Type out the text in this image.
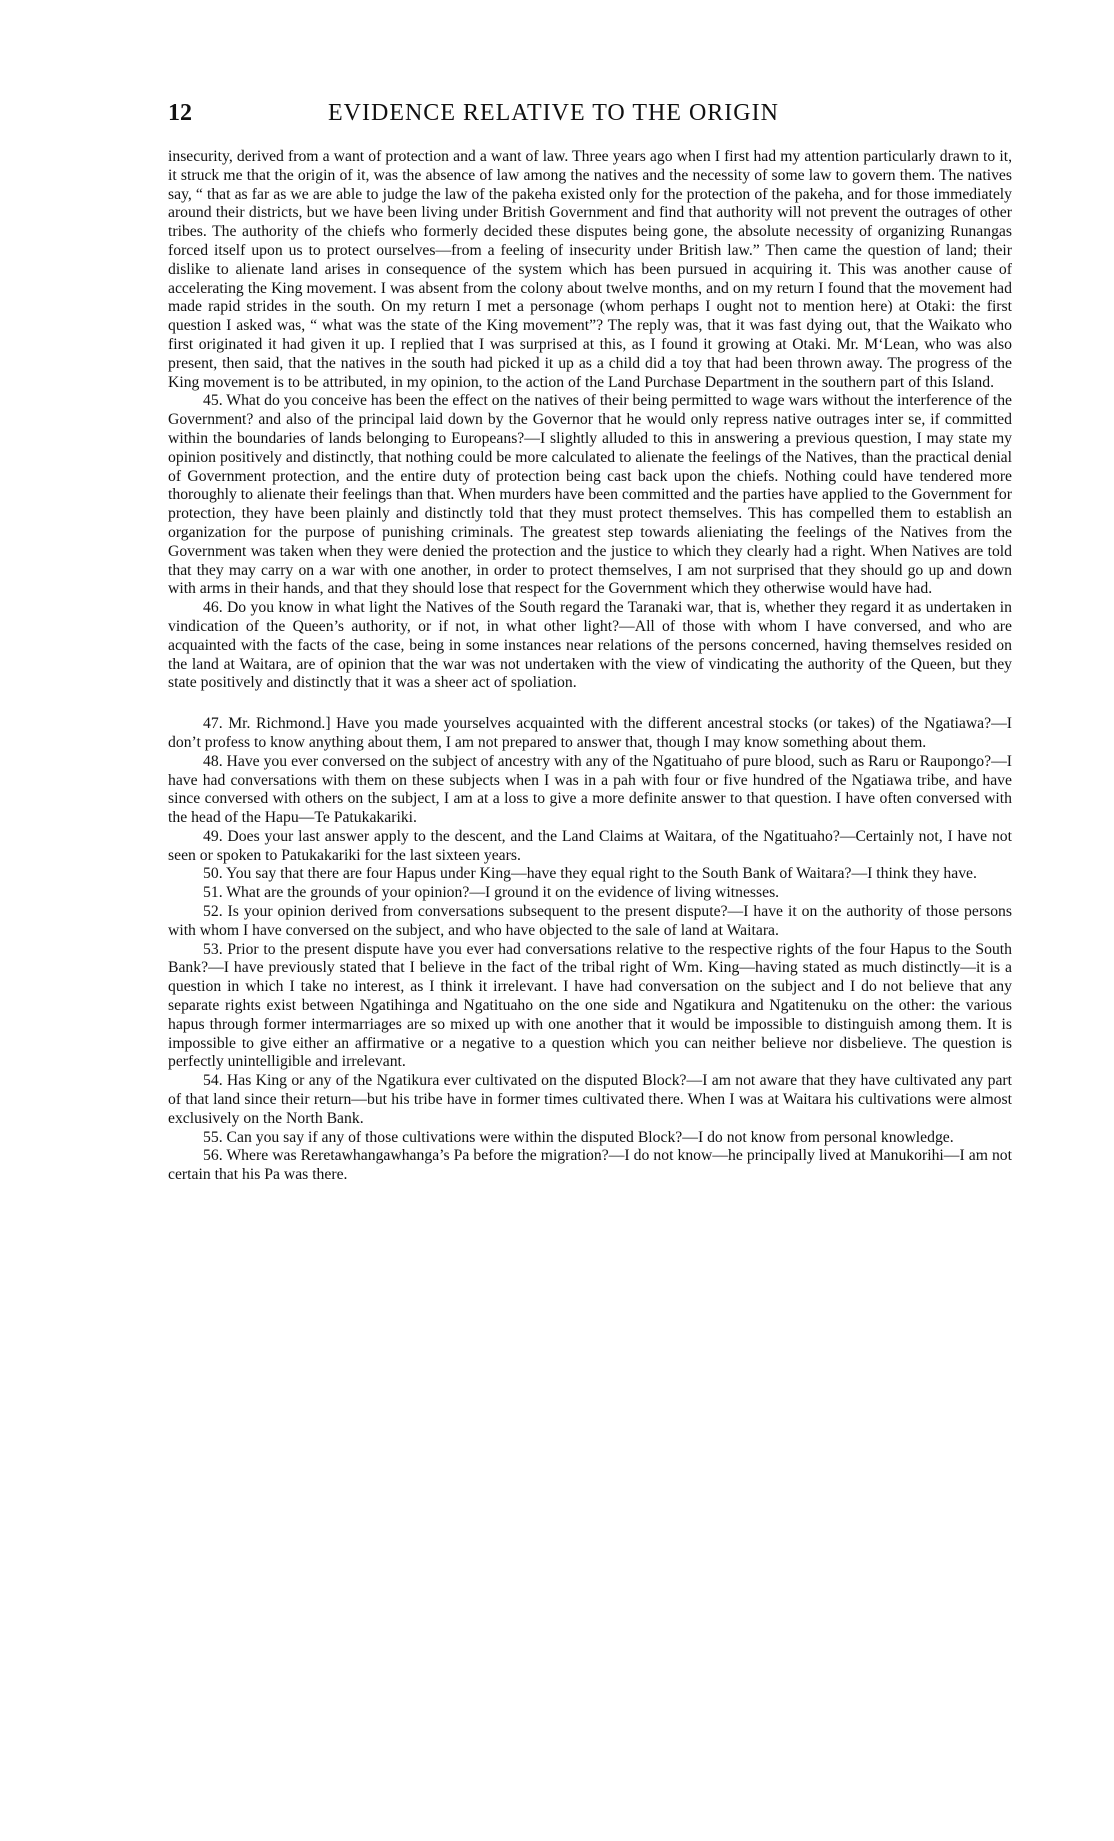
12	EVIDENCE RELATIVE TO THE ORIGIN

insecurity, derived from a want of protection and a want of law. Three years ago when I first had my attention particularly drawn to it, it struck me that the origin of it, was the absence of law among the natives and the necessity of some law to govern them. The natives say, “ that as far as we are able to judge the law of the pakeha existed only for the protection of the pakeha, and for those immediately around their districts, but we have been living under British Government and find that authority will not prevent the outrages of other tribes. The authority of the chiefs who formerly decided these disputes being gone, the absolute necessity of organizing Runangas forced itself upon us to protect ourselves—from a feeling of insecurity under British law.” Then came the question of land; their dislike to alienate land arises in consequence of the system which has been pursued in acquiring it. This was another cause of accelerating the King movement. I was absent from the colony about twelve months, and on my return I found that the movement had made rapid strides in the south. On my return I met a personage (whom perhaps I ought not to mention here) at Otaki: the first question I asked was, “ what was the state of the King movement”? The reply was, that it was fast dying out, that the Waikato who first originated it had given it up. I replied that I was surprised at this, as I found it growing at Otaki. Mr. M‘Lean, who was also present, then said, that the natives in the south had picked it up as a child did a toy that had been thrown away. The progress of the King movement is to be attributed, in my opinion, to the action of the Land Purchase Department in the southern part of this Island.

45. What do you conceive has been the effect on the natives of their being permitted to wage wars without the interference of the Government? and also of the principal laid down by the Governor that he would only repress native outrages inter se, if committed within the boundaries of lands belonging to Europeans?—I slightly alluded to this in answering a previous question, I may state my opinion positively and distinctly, that nothing could be more calculated to alienate the feelings of the Natives, than the practical denial of Government protection, and the entire duty of protection being cast back upon the chiefs. Nothing could have tendered more thoroughly to alienate their feelings than that. When murders have been committed and the parties have applied to the Government for protection, they have been plainly and distinctly told that they must protect themselves. This has compelled them to establish an organization for the purpose of punishing criminals. The greatest step towards alieniating the feelings of the Natives from the Government was taken when they were denied the protection and the justice to which they clearly had a right. When Natives are told that they may carry on a war with one another, in order to protect themselves, I am not surprised that they should go up and down with arms in their hands, and that they should lose that respect for the Government which they otherwise would have had.

46. Do you know in what light the Natives of the South regard the Taranaki war, that is, whether they regard it as undertaken in vindication of the Queen’s authority, or if not, in what other light?—All of those with whom I have conversed, and who are acquainted with the facts of the case, being in some instances near relations of the persons concerned, having themselves resided on the land at Waitara, are of opinion that the war was not undertaken with the view of vindicating the authority of the Queen, but they state positively and distinctly that it was a sheer act of spoliation.

47. Mr. Richmond.] Have you made yourselves acquainted with the different ancestral stocks (or takes) of the Ngatiawa?—I don’t profess to know anything about them, I am not prepared to answer that, though I may know something about them.

48. Have you ever conversed on the subject of ancestry with any of the Ngatituaho of pure blood, such as Raru or Raupongo?—I have had conversations with them on these subjects when I was in a pah with four or five hundred of the Ngatiawa tribe, and have since conversed with others on the subject, I am at a loss to give a more definite answer to that question. I have often conversed with the head of the Hapu—Te Patukakariki.

49. Does your last answer apply to the descent, and the Land Claims at Waitara, of the Ngatituaho?—Certainly not, I have not seen or spoken to Patukakariki for the last sixteen years.

50. You say that there are four Hapus under King—have they equal right to the South Bank of Waitara?—I think they have.

51. What are the grounds of your opinion?—I ground it on the evidence of living witnesses.

52. Is your opinion derived from conversations subsequent to the present dispute?—I have it on the authority of those persons with whom I have conversed on the subject, and who have objected to the sale of land at Waitara.

53. Prior to the present dispute have you ever had conversations relative to the respective rights of the four Hapus to the South Bank?—I have previously stated that I believe in the fact of the tribal right of Wm. King—having stated as much distinctly—it is a question in which I take no interest, as I think it irrelevant. I have had conversation on the subject and I do not believe that any separate rights exist between Ngatihinga and Ngatituaho on the one side and Ngatikura and Ngatitenuku on the other: the various hapus through former intermarriages are so mixed up with one another that it would be impossible to distinguish among them. It is impossible to give either an affirmative or a negative to a question which you can neither believe nor disbelieve. The question is perfectly unintelligible and irrelevant.

54. Has King or any of the Ngatikura ever cultivated on the disputed Block?—I am not aware that they have cultivated any part of that land since their return—but his tribe have in former times cultivated there. When I was at Waitara his cultivations were almost exclusively on the North Bank.

55. Can you say if any of those cultivations were within the disputed Block?—I do not know from personal knowledge.

56. Where was Reretawhangawhanga’s Pa before the migration?—I do not know—he principally lived at Manukorihi—I am not certain that his Pa was there.
